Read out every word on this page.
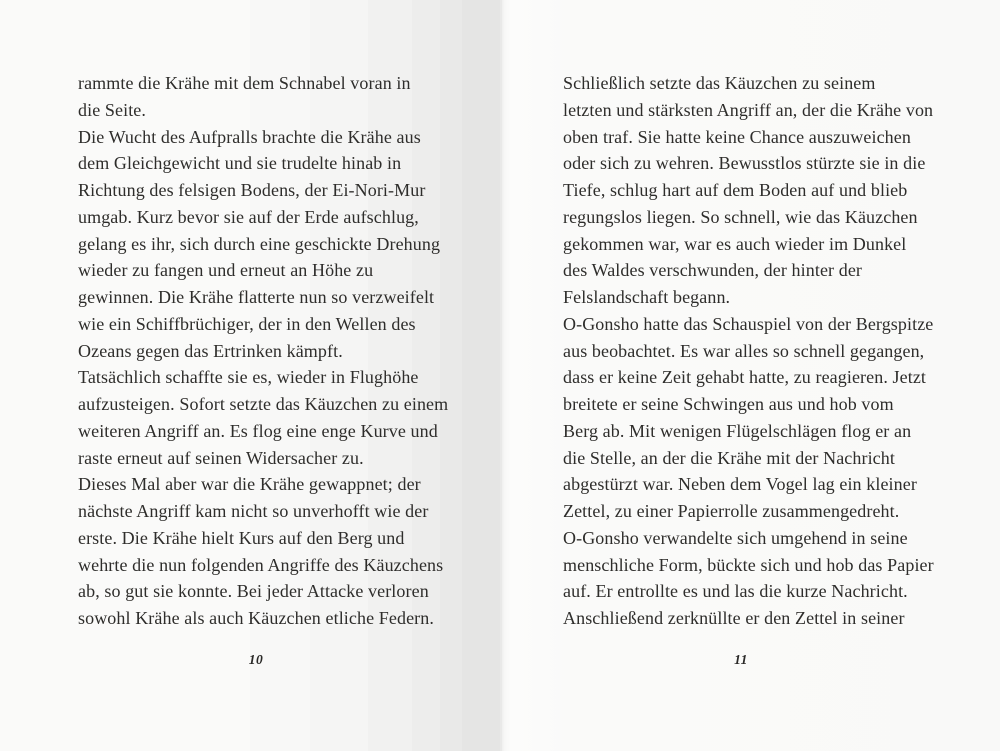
rammte die Krähe mit dem Schnabel voran in
die Seite.
Die Wucht des Aufpralls brachte die Krähe aus
dem Gleichgewicht und sie trudelte hinab in
Richtung des felsigen Bodens, der Ei-Nori-Mur
umgab. Kurz bevor sie auf der Erde aufschlug,
gelang es ihr, sich durch eine geschickte Drehung
wieder zu fangen und erneut an Höhe zu
gewinnen. Die Krähe flatterte nun so verzweifelt
wie ein Schiffbrüchiger, der in den Wellen des
Ozeans gegen das Ertrinken kämpft.
Tatsächlich schaffte sie es, wieder in Flughöhe
aufzusteigen. Sofort setzte das Käuzchen zu einem
weiteren Angriff an. Es flog eine enge Kurve und
raste erneut auf seinen Widersacher zu.
Dieses Mal aber war die Krähe gewappnet; der
nächste Angriff kam nicht so unverhofft wie der
erste. Die Krähe hielt Kurs auf den Berg und
wehrte die nun folgenden Angriffe des Käuzchens
ab, so gut sie konnte. Bei jeder Attacke verloren
sowohl Krähe als auch Käuzchen etliche Federn.
10
Schließlich setzte das Käuzchen zu seinem
letzten und stärksten Angriff an, der die Krähe von
oben traf. Sie hatte keine Chance auszuweichen
oder sich zu wehren. Bewusstlos stürzte sie in die
Tiefe, schlug hart auf dem Boden auf und blieb
regungslos liegen. So schnell, wie das Käuzchen
gekommen war, war es auch wieder im Dunkel
des Waldes verschwunden, der hinter der
Felslandschaft begann.
O-Gonsho hatte das Schauspiel von der Bergspitze
aus beobachtet. Es war alles so schnell gegangen,
dass er keine Zeit gehabt hatte, zu reagieren. Jetzt
breitete er seine Schwingen aus und hob vom
Berg ab. Mit wenigen Flügelschlägen flog er an
die Stelle, an der die Krähe mit der Nachricht
abgestürzt war. Neben dem Vogel lag ein kleiner
Zettel, zu einer Papierrolle zusammengedreht.
O-Gonsho verwandelte sich umgehend in seine
menschliche Form, bückte sich und hob das Papier
auf. Er entrollte es und las die kurze Nachricht.
Anschließend zerknüllte er den Zettel in seiner
11
